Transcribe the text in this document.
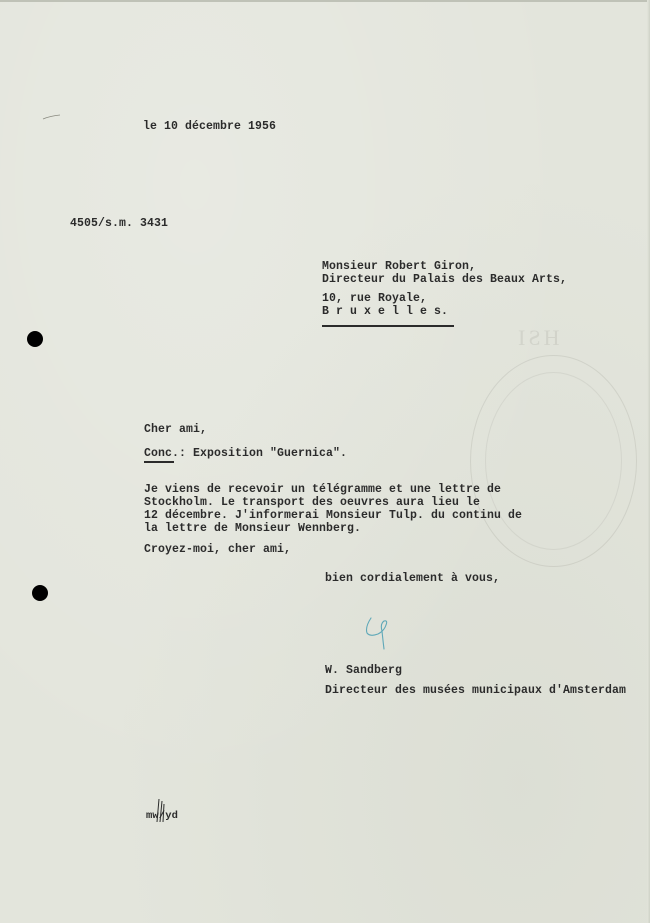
le 10 décembre 1956
4505/s.m. 3431
Monsieur Robert Giron,
Directeur du Palais des Beaux Arts,
10, rue Royale,
B r u x e l l e s.
HSI
Cher ami,
Conc. : Exposition "Guernica".
Je viens de recevoir un télégramme et une lettre de
Stockholm. Le transport des oeuvres aura lieu le
12 décembre. J'informerai Monsieur Tulp. du continu de
la lettre de Monsieur Wennberg.
Croyez-moi, cher ami,
bien cordialement à vous,
W. Sandberg
Directeur des musées municipaux d'Amsterdam
mw/yd
